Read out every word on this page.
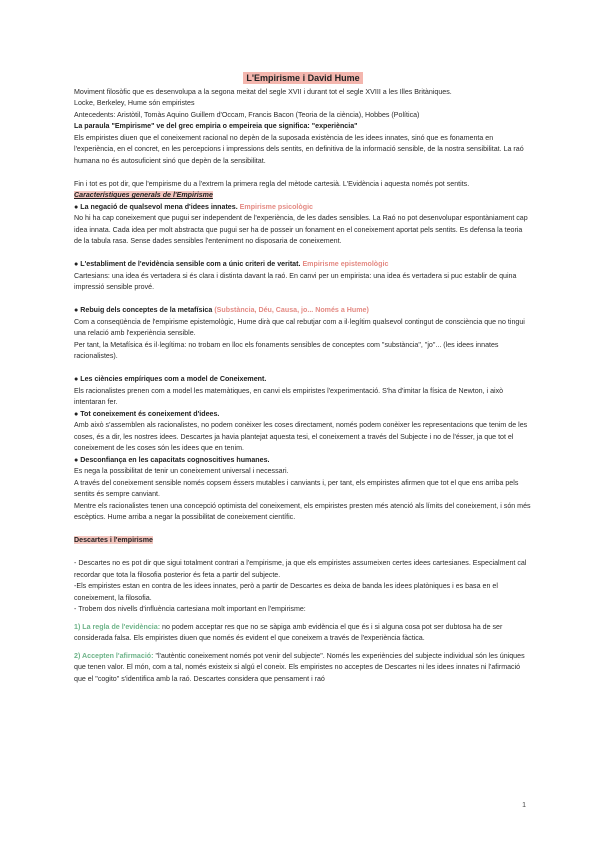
L'Empirisme i David Hume

Moviment filosòfic que es desenvolupa a la segona meitat del segle XVII i durant tot el segle XVIII a les Illes Britàniques.

Locke, Berkeley, Hume són empiristes

Antecedents: Aristòtil, Tomàs Aquino Guillem d'Occam, Francis Bacon (Teoria de la ciència), Hobbes (Política)

La paraula "Empirisme" ve del grec empiria o empeireia que significa: "experiència"

Els empiristes diuen que el coneixement racional no depèn de la suposada existència de les idees innates, sinó que es fonamenta en l'experiència, en el concret, en les percepcions i impressions dels sentits, en definitiva de la informació sensible, de la nostra sensibilitat. La raó humana no és autosuficient sinó que depèn de la sensibilitat.

Fin i tot es pot dir, que l'empirisme du a l'extrem la primera regla del mètode cartesià. L'Evidència i aquesta només pot sentits.

Característiques generals de l'Empirisme

● La negació de qualsevol mena d'idees innates. Empirisme psicològic

No hi ha cap coneixement que pugui ser independent de l'experiència, de les dades sensibles. La Raó no pot desenvolupar espontàniament cap idea innata. Cada idea per molt abstracta que pugui ser ha de posseir un fonament en el coneixement aportat pels sentits. Es defensa la teoria de la tabula rasa. Sense dades sensibles l'enteniment no disposaria de coneixement.

● L'establiment de l'evidència sensible com a únic criteri de veritat. Empirisme epistemològic

Cartesians: una idea és vertadera si és clara i distinta davant la raó. En canvi per un empirista: una idea és vertadera si puc establir de quina impressió sensible prové.

● Rebuig dels conceptes de la metafísica (Substància, Déu, Causa, jo... Només a Hume)

Com a conseqüència de l'empirisme epistemològic, Hume dirà que cal rebutjar com a il·legítim qualsevol contingut de consciència que no tingui una relació amb l'experiència sensible.

Per tant, la Metafísica és il·legítima: no trobam en lloc els fonaments sensibles de conceptes com "substància", "jo"... (les idees innates racionalistes).

● Les ciències empíriques com a model de Coneixement.

Els racionalistes prenen com a model les matemàtiques, en canvi els empiristes l'experimentació. S'ha d'imitar la física de Newton, i això intentaran fer.

● Tot coneixement és coneixement d'idees.

Amb això s'assemblen als racionalistes, no podem conèixer les coses directament, només podem conèixer les representacions que tenim de les coses, és a dir, les nostres idees. Descartes ja havia plantejat aquesta tesi, el coneixement a través del Subjecte i no de l'ésser, ja que tot el coneixement de les coses són les idees que en tenim.

● Desconfiança en les capacitats cognoscitives humanes.

Es nega la possibilitat de tenir un coneixement universal i necessari.

A través del coneixement sensible només copsem éssers mutables i canviants i, per tant, els empiristes afirmen que tot el que ens arriba pels sentits és sempre canviant.

Mentre els racionalistes tenen una concepció optimista del coneixement, els empiristes presten més atenció als límits del coneixement, i són més escèptics. Hume arriba a negar la possibilitat de coneixement científic.

Descartes i l'empirisme

- Descartes no es pot dir que sigui totalment contrari a l'empirisme, ja que els empiristes assumeixen certes idees cartesianes. Especialment cal recordar que tota la filosofia posterior és feta a partir del subjecte.

-Els empiristes estan en contra de les idees innates, però a partir de Descartes es deixa de banda les idees platòniques i es basa en el coneixement, la filosofia.

- Trobem dos nivells d'influència cartesiana molt important en l'empirisme:

1) La regla de l'evidència: no podem acceptar res que no se sàpiga amb evidència el que és i si alguna cosa pot ser dubtosa ha de ser considerada falsa. Els empiristes diuen que només és evident el que coneixem a través de l'experiència fàctica.

2) Accepten l'afirmació: "l'autèntic coneixement només pot venir del subjecte". Només les experiències del subjecte individual són les úniques que tenen valor. El món, com a tal, només existeix si algú el coneix. Els empiristes no acceptes de Descartes ni les idees innates ni l'afirmació que el "cogito" s'identifica amb la raó. Descartes considera que pensament i raó

1
